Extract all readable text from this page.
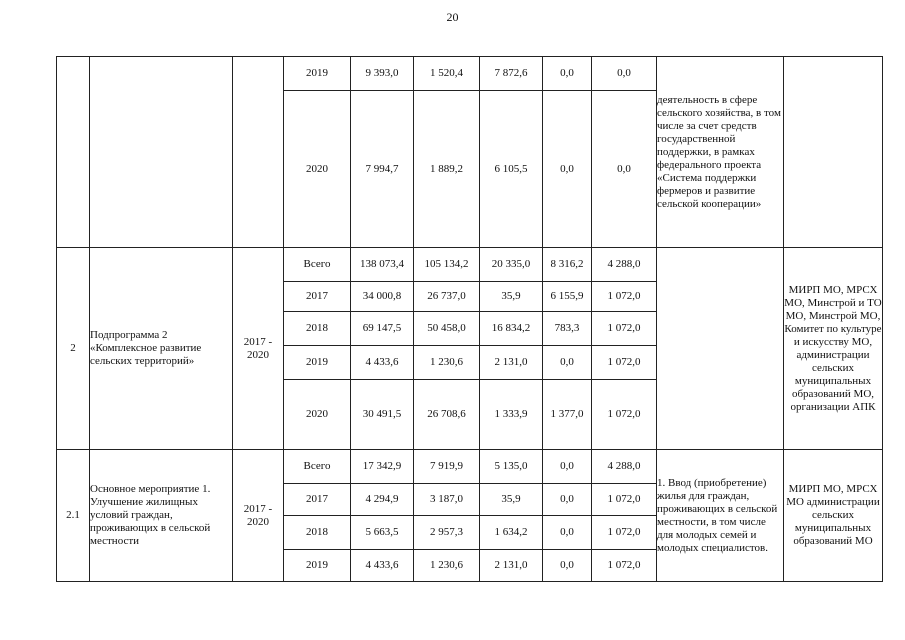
20
			2019	9 393,0	1 520,4	7 872,6	0,0	0,0	деятельность в сфере сельского хозяйства, в том числе за счет средств государственной поддержки, в рамках федерального проекта «Система поддержки фермеров и развитие сельской кооперации»	
			2020	7 994,7	1 889,2	6 105,5	0,0	0,0		
2	Подпрограмма 2 «Комплексное развитие сельских территорий»	2017 - 2020	Всего	138 073,4	105 134,2	20 335,0	8 316,2	4 288,0		МИРП МО, МРСХ МО, Минстрой и ТО МО, Минстрой МО, Комитет по культуре и искусству МО, администрации сельских муниципальных образований МО, организации АПК
			2017	34 000,8	26 737,0	35,9	6 155,9	1 072,0		
			2018	69 147,5	50 458,0	16 834,2	783,3	1 072,0		
			2019	4 433,6	1 230,6	2 131,0	0,0	1 072,0		
			2020	30 491,5	26 708,6	1 333,9	1 377,0	1 072,0		
2.1	Основное мероприятие 1. Улучшение жилищных условий граждан, проживающих в сельской местности	2017 - 2020	Всего	17 342,9	7 919,9	5 135,0	0,0	4 288,0	1. Ввод (приобретение) жилья для граждан, проживающих в сельской местности, в том числе для молодых семей и молодых специалистов.	МИРП МО, МРСХ МО администрации сельских муниципальных образований МО
			2017	4 294,9	3 187,0	35,9	0,0	1 072,0		
			2018	5 663,5	2 957,3	1 634,2	0,0	1 072,0		
			2019	4 433,6	1 230,6	2 131,0	0,0	1 072,0		
